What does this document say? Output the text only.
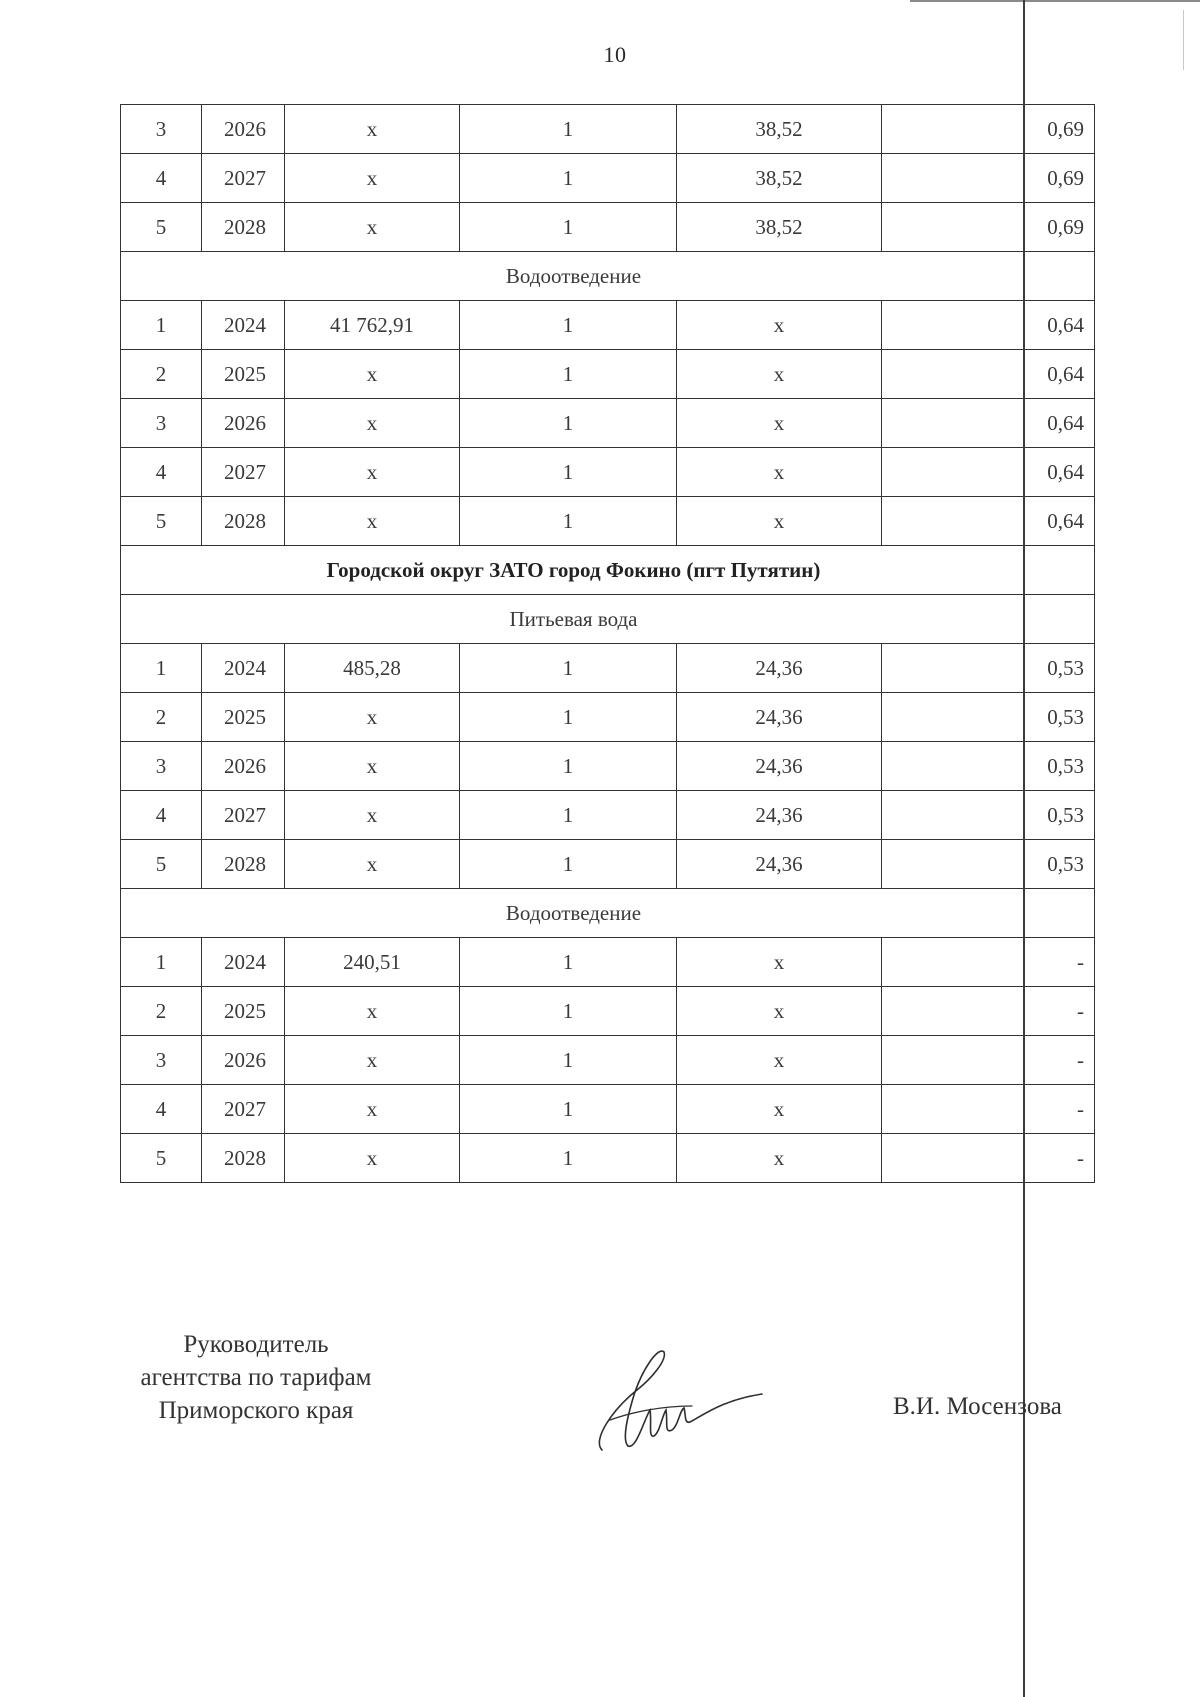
10
3	2026	х	1	38,52	0,69
4	2027	х	1	38,52	0,69
5	2028	х	1	38,52	0,69
Водоотведение					
1	2024	41 762,91	1	х	0,64
2	2025	х	1	х	0,64
3	2026	х	1	х	0,64
4	2027	х	1	х	0,64
5	2028	х	1	х	0,64
Городской округ ЗАТО город Фокино (пгт Путятин)					
Питьевая вода					
1	2024	485,28	1	24,36	0,53
2	2025	х	1	24,36	0,53
3	2026	х	1	24,36	0,53
4	2027	х	1	24,36	0,53
5	2028	х	1	24,36	0,53
Водоотведение					
1	2024	240,51	1	х	-
2	2025	х	1	х	-
3	2026	х	1	х	-
4	2027	х	1	х	-
5	2028	х	1	х	-
Руководитель
агентства по тарифам
Приморского края	В.И. Мосензова
